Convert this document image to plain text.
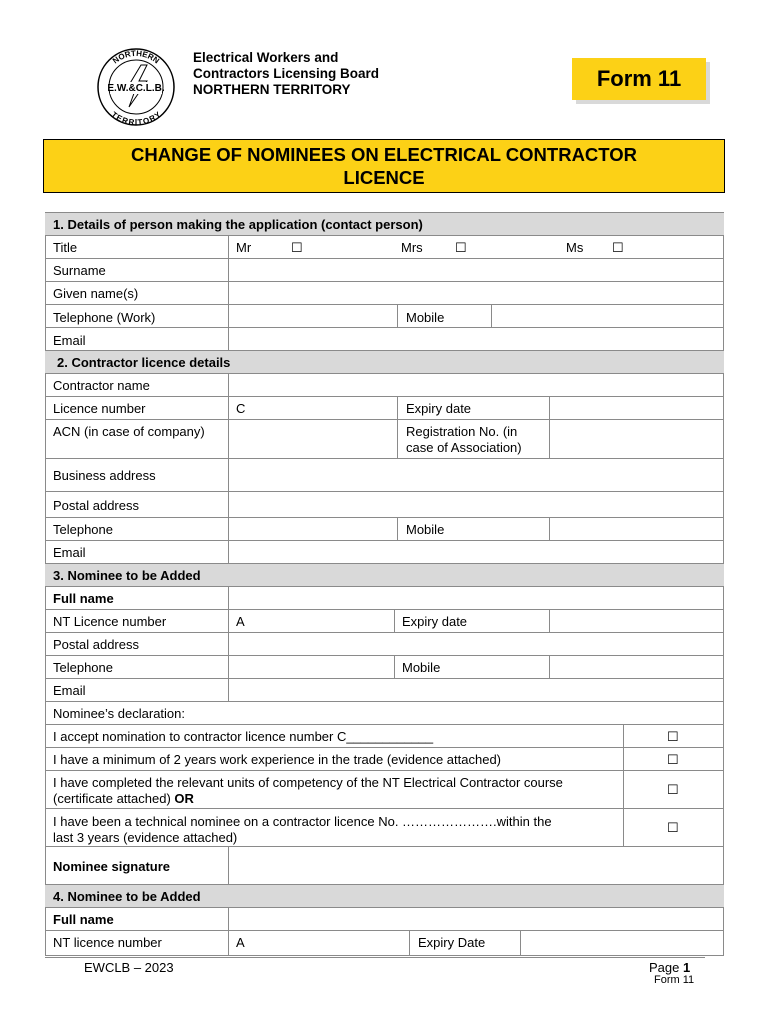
NORTHERN
TERRITORY
E.W.&C.L.B.
Electrical Workers and
Contractors Licensing Board
NORTHERN TERRITORY	Form 11
CHANGE OF NOMINEES ON ELECTRICAL CONTRACTOR
LICENCE
1. Details of person making the application (contact person)
Title	Mr	☐	Mrs ☐	Ms ☐
Surname
Given name(s)
Telephone (Work)	Mobile
Email
2. Contractor licence details
Contractor name
Licence number	C	Expiry date
ACN (in case of company)	Registration No. (in
case of Association)
Business address
Postal address
Telephone	Mobile
Email
3. Nominee to be Added
Full name
NT Licence number	A	Expiry date
Postal address
Telephone	Mobile
Email
Nominee’s declaration:
I accept nomination to contractor licence number C____________	☐
I have a minimum of 2 years work experience in the trade (evidence attached)	☐
I have completed the relevant units of competency of the NT Electrical Contractor course
(certificate attached) OR
☐
I have been a technical nominee on a contractor licence No. ………………….within the
last 3 years (evidence attached)
☐
Nominee signature
4. Nominee to be Added
Full name
NT licence number	A	Expiry Date
EWCLB – 2023	Page 1
Form 11
